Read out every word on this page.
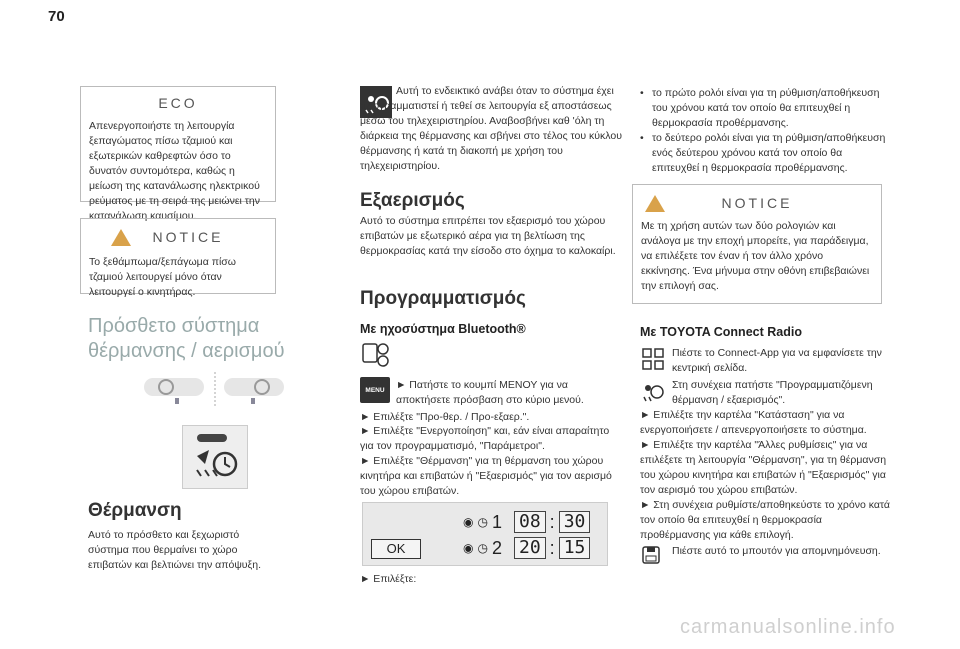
70
ECO
Απενεργοποιήστε τη λειτουργία ξεπαγώματος πίσω τζαμιού και εξωτερικών καθρεφτών όσο το δυνατόν συντομότερα, καθώς η μείωση της κατανάλωσης ηλεκτρικού ρεύματος με τη σειρά της μειώνει την κατανάλωση καυσίμου.
NOTICE
Το ξεθάμπωμα/ξεπάγωμα πίσω τζαμιού λειτουργεί μόνο όταν λειτουργεί ο κινητήρας.
Πρόσθετο σύστημα
θέρμανσης / αερισμού
Θέρμανση
Αυτό το πρόσθετο και ξεχωριστό σύστημα που θερμαίνει το χώρο επιβατών και βελτιώνει την απόψυξη.
Αυτή το ενδεικτικό ανάβει όταν το σύστημα έχει προγραμματιστεί ή τεθεί σε λειτουργία εξ αποστάσεως μέσω του τηλεχειριστηρίου. Αναβοσβήνει καθ 'όλη τη διάρκεια της θέρμανσης και σβήνει στο τέλος του κύκλου θέρμανσης ή κατά τη διακοπή με χρήση του τηλεχειριστηρίου.
Εξαερισμός
Αυτό το σύστημα επιτρέπει τον εξαερισμό του χώρου επιβατών με εξωτερικό αέρα για τη βελτίωση της θερμοκρασίας κατά την είσοδο στο όχημα το καλοκαίρι.
Προγραμματισμός
Με ηχοσύστημα Bluetooth®
MENU	► Πατήστε το κουμπί ΜΕΝΟΥ για να αποκτήσετε πρόσβαση στο κύριο μενού.
► Επιλέξτε "Προ-θερ. / Προ-εξαερ.".
► Επιλέξτε "Ενεργοποίηση" και, εάν είναι απαραίτητο για τον προγραμματισμό, "Παράμετροι".
► Επιλέξτε "Θέρμανση" για τη θέρμανση του χώρου κινητήρα και επιβατών ή "Εξαερισμός" για τον αερισμό του χώρου επιβατών.
OK
◉ ◷ 1 08 : 30
◉ ◷ 2 20 : 15
► Επιλέξτε:
• το πρώτο ρολόι είναι για τη ρύθμιση/αποθήκευση του χρόνου κατά τον οποίο θα επιτευχθεί η θερμοκρασία προθέρμανσης.
• το δεύτερο ρολόι είναι για τη ρύθμιση/αποθήκευση ενός δεύτερου χρόνου κατά τον οποίο θα επιτευχθεί η θερμοκρασία προθέρμανσης.
NOTICE
Με τη χρήση αυτών των δύο ρολογιών και ανάλογα με την εποχή μπορείτε, για παράδειγμα, να επιλέξετε τον έναν ή τον άλλο χρόνο εκκίνησης. Ένα μήνυμα στην οθόνη επιβεβαιώνει την επιλογή σας.
Με TOYOTA Connect Radio
Πιέστε το Connect-App για να εμφανίσετε την κεντρική σελίδα.
Στη συνέχεια πατήστε "Προγραμματιζόμενη θέρμανση / εξαερισμός".
► Επιλέξτε την καρτέλα "Κατάσταση" για να ενεργοποιήσετε / απενεργοποιήσετε το σύστημα.
► Επιλέξτε την καρτέλα "Άλλες ρυθμίσεις" για να επιλέξετε τη λειτουργία "Θέρμανση", για τη θέρμανση του χώρου κινητήρα και επιβατών ή "Εξαερισμός" για τον αερισμό του χώρου επιβατών.
► Στη συνέχεια ρυθμίστε/αποθηκεύστε το χρόνο κατά τον οποίο θα επιτευχθεί η θερμοκρασία προθέρμανσης για κάθε επιλογή.
Πιέστε αυτό το μπουτόν για απομνημόνευση.
carmanualsonline.info
